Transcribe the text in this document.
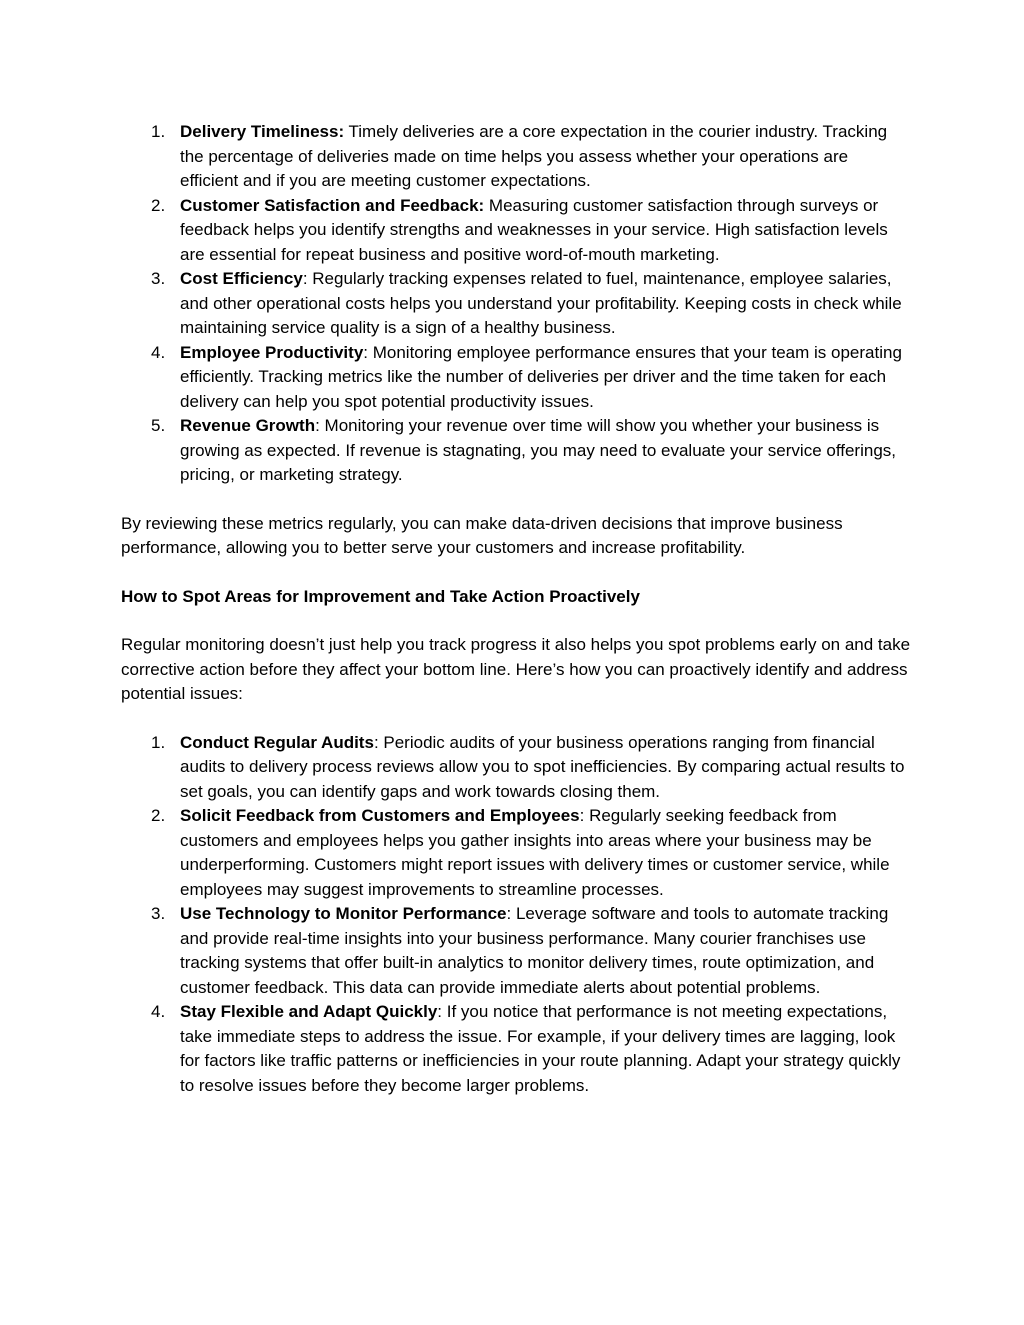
1. Delivery Timeliness: Timely deliveries are a core expectation in the courier industry. Tracking the percentage of deliveries made on time helps you assess whether your operations are efficient and if you are meeting customer expectations.
2. Customer Satisfaction and Feedback: Measuring customer satisfaction through surveys or feedback helps you identify strengths and weaknesses in your service. High satisfaction levels are essential for repeat business and positive word-of-mouth marketing.
3. Cost Efficiency: Regularly tracking expenses related to fuel, maintenance, employee salaries, and other operational costs helps you understand your profitability. Keeping costs in check while maintaining service quality is a sign of a healthy business.
4. Employee Productivity: Monitoring employee performance ensures that your team is operating efficiently. Tracking metrics like the number of deliveries per driver and the time taken for each delivery can help you spot potential productivity issues.
5. Revenue Growth: Monitoring your revenue over time will show you whether your business is growing as expected. If revenue is stagnating, you may need to evaluate your service offerings, pricing, or marketing strategy.

By reviewing these metrics regularly, you can make data-driven decisions that improve business performance, allowing you to better serve your customers and increase profitability.

How to Spot Areas for Improvement and Take Action Proactively

Regular monitoring doesn’t just help you track progress it also helps you spot problems early on and take corrective action before they affect your bottom line. Here’s how you can proactively identify and address potential issues:

1. Conduct Regular Audits: Periodic audits of your business operations ranging from financial audits to delivery process reviews allow you to spot inefficiencies. By comparing actual results to set goals, you can identify gaps and work towards closing them.
2. Solicit Feedback from Customers and Employees: Regularly seeking feedback from customers and employees helps you gather insights into areas where your business may be underperforming. Customers might report issues with delivery times or customer service, while employees may suggest improvements to streamline processes.
3. Use Technology to Monitor Performance: Leverage software and tools to automate tracking and provide real-time insights into your business performance. Many courier franchises use tracking systems that offer built-in analytics to monitor delivery times, route optimization, and customer feedback. This data can provide immediate alerts about potential problems.
4. Stay Flexible and Adapt Quickly: If you notice that performance is not meeting expectations, take immediate steps to address the issue. For example, if your delivery times are lagging, look for factors like traffic patterns or inefficiencies in your route planning. Adapt your strategy quickly to resolve issues before they become larger problems.
